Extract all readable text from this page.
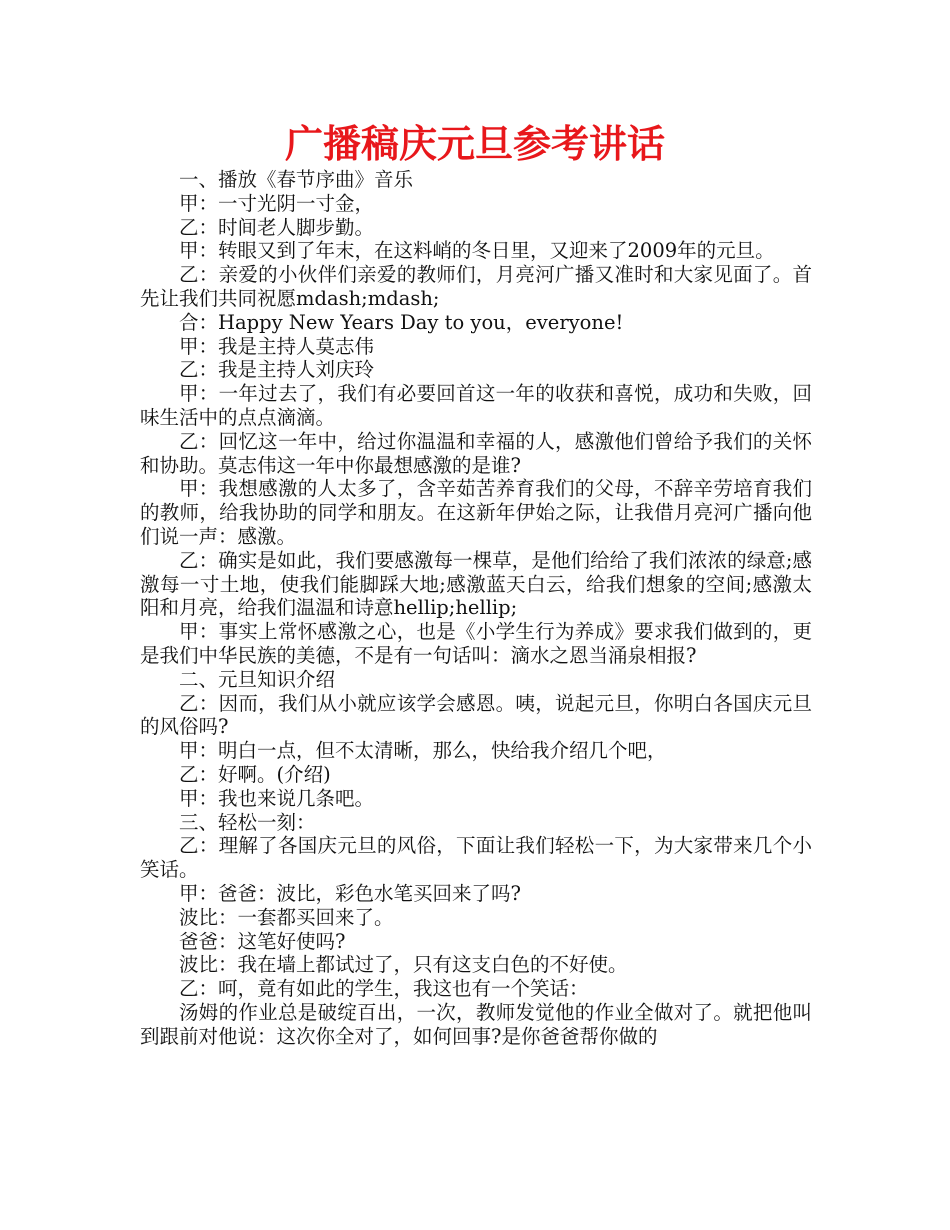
广播稿庆元旦参考讲话

一、播放《春节序曲》音乐

甲：一寸光阴一寸金，

乙：时间老人脚步勤。

甲：转眼又到了年末，在这料峭的冬日里，又迎来了2009年的元旦。

乙：亲爱的小伙伴们亲爱的教师们，月亮河广播又准时和大家见面了。首先让我们共同祝愿mdash;mdash;

合：Happy New Years Day to you，everyone!

甲：我是主持人莫志伟

乙：我是主持人刘庆玲

甲：一年过去了，我们有必要回首这一年的收获和喜悦，成功和失败，回味生活中的点点滴滴。

乙：回忆这一年中，给过你温温和幸福的人，感激他们曾给予我们的关怀和协助。莫志伟这一年中你最想感激的是谁?

甲：我想感激的人太多了，含辛茹苦养育我们的父母，不辞辛劳培育我们的教师，给我协助的同学和朋友。在这新年伊始之际，让我借月亮河广播向他们说一声：感激。

乙：确实是如此，我们要感激每一棵草，是他们给给了我们浓浓的绿意;感激每一寸土地，使我们能脚踩大地;感激蓝天白云，给我们想象的空间;感激太阳和月亮，给我们温温和诗意hellip;hellip;

甲：事实上常怀感激之心，也是《小学生行为养成》要求我们做到的，更是我们中华民族的美德，不是有一句话叫：滴水之恩当涌泉相报?

二、元旦知识介绍

乙：因而，我们从小就应该学会感恩。咦，说起元旦，你明白各国庆元旦的风俗吗?

甲：明白一点，但不太清晰，那么，快给我介绍几个吧，

乙：好啊。(介绍)

甲：我也来说几条吧。

三、轻松一刻：

乙：理解了各国庆元旦的风俗，下面让我们轻松一下，为大家带来几个小笑话。

甲：爸爸：波比，彩色水笔买回来了吗?

波比：一套都买回来了。

爸爸：这笔好使吗?

波比：我在墙上都试过了，只有这支白色的不好使。

乙：呵，竟有如此的学生，我这也有一个笑话：

汤姆的作业总是破绽百出，一次，教师发觉他的作业全做对了。就把他叫到跟前对他说：这次你全对了，如何回事?是你爸爸帮你做的
